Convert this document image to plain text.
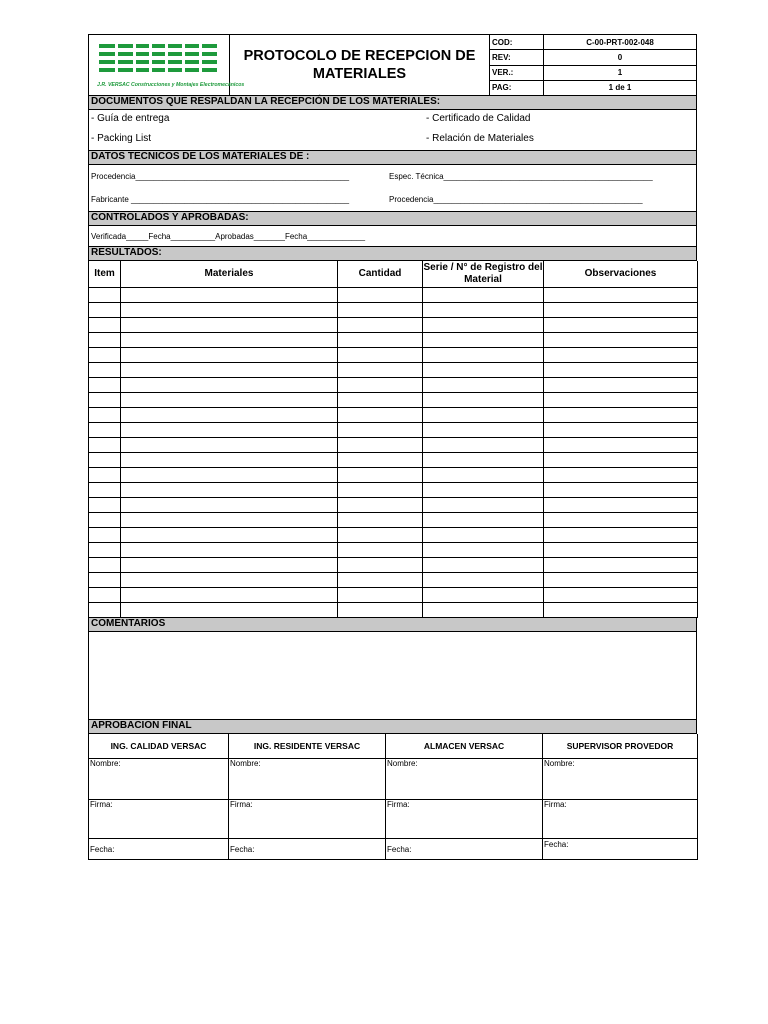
J.R. VERSAC Construcciones y Montajes Electromecánicos	PROTOCOLO DE RECEPCION DE MATERIALES	COD:	C-00-PRT-002-048
		REV:	0
		VER.:	1
		PAG:	1 de 1
DOCUMENTOS QUE RESPALDAN LA RECEPCIÓN DE LOS MATERIALES:
- Guía de entrega	- Certificado de Calidad
- Packing List	- Relación de Materiales
DATOS TECNICOS DE LOS MATERIALES DE :
Procedencia________________________________________________	Espec. Técnica_______________________________________________
Fabricante _________________________________________________	Procedencia_______________________________________________
CONTROLADOS Y APROBADAS:
Verificada_____Fecha__________Aprobadas_______Fecha_____________
RESULTADOS:
Item	Materiales	Cantidad	Serie / N° de Registro del Material	Observaciones

COMENTARIOS
APROBACION FINAL
ING. CALIDAD VERSAC	ING. RESIDENTE VERSAC	ALMACEN VERSAC	SUPERVISOR PROVEDOR
Nombre:	Nombre:	Nombre:	Nombre:
Firma:	Firma:	Firma:	Firma:

Fecha:	Fecha:	Fecha:	Fecha:
